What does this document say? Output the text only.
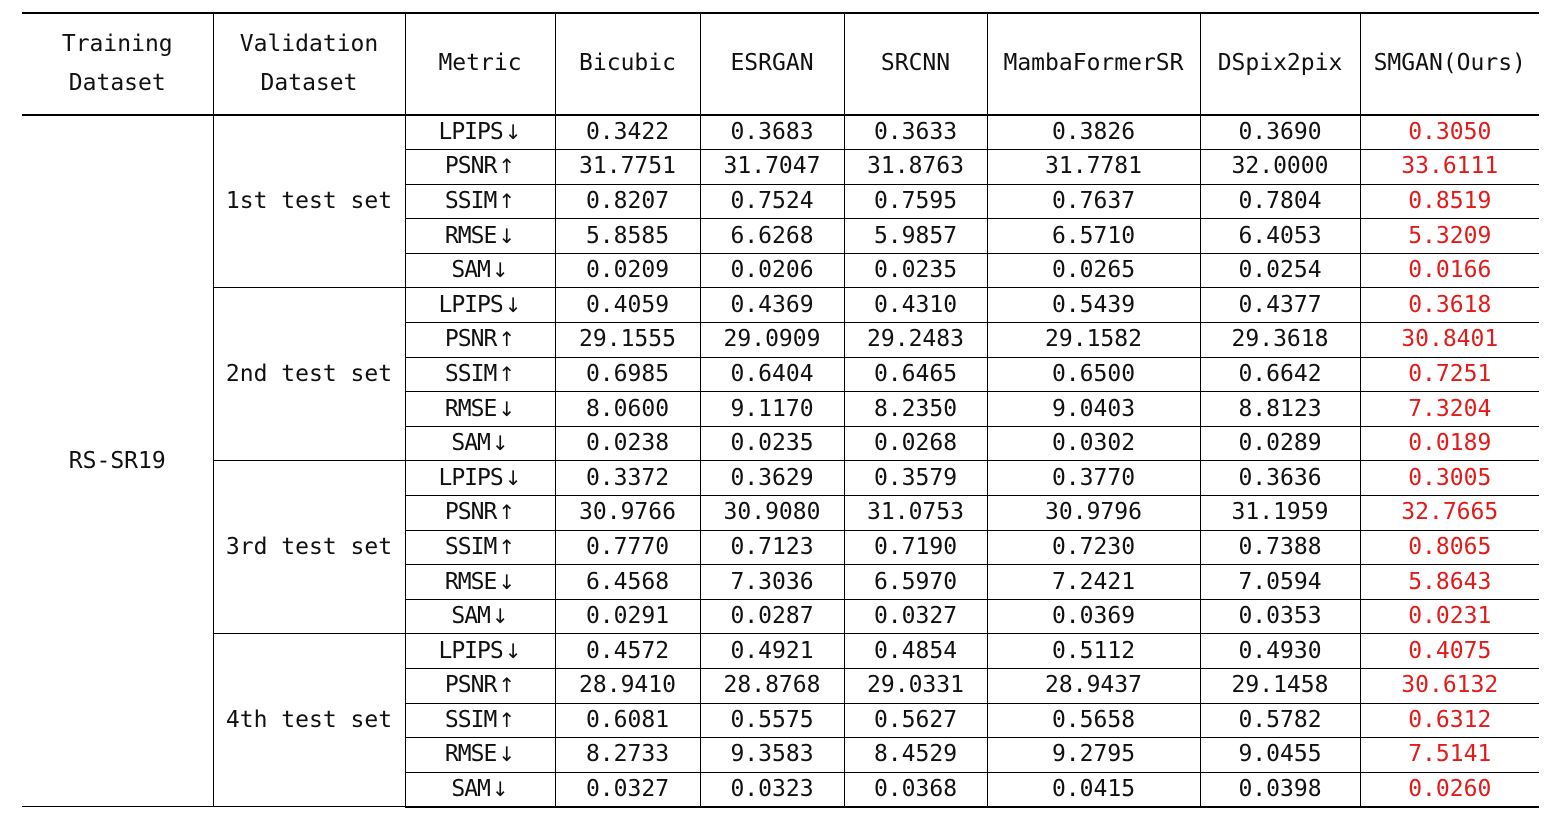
Training
Dataset	Validation
Dataset	Metric	Bicubic	ESRGAN	SRCNN	MambaFormerSR	DSpix2pix	SMGAN(Ours)
RS-SR19	1st test set	LPIPS ↓	0.3422	0.3683	0.3633	0.3826	0.3690	0.3050
		PSNR ↑	31.7751	31.7047	31.8763	31.7781	32.0000	33.6111
		SSIM ↑	0.8207	0.7524	0.7595	0.7637	0.7804	0.8519
		RMSE ↓	5.8585	6.6268	5.9857	6.5710	6.4053	5.3209
		SAM ↓	0.0209	0.0206	0.0235	0.0265	0.0254	0.0166
	2nd test set	LPIPS ↓	0.4059	0.4369	0.4310	0.5439	0.4377	0.3618
		PSNR ↑	29.1555	29.0909	29.2483	29.1582	29.3618	30.8401
		SSIM ↑	0.6985	0.6404	0.6465	0.6500	0.6642	0.7251
		RMSE ↓	8.0600	9.1170	8.2350	9.0403	8.8123	7.3204
		SAM ↓	0.0238	0.0235	0.0268	0.0302	0.0289	0.0189
	3rd test set	LPIPS ↓	0.3372	0.3629	0.3579	0.3770	0.3636	0.3005
		PSNR ↑	30.9766	30.9080	31.0753	30.9796	31.1959	32.7665
		SSIM ↑	0.7770	0.7123	0.7190	0.7230	0.7388	0.8065
		RMSE ↓	6.4568	7.3036	6.5970	7.2421	7.0594	5.8643
		SAM ↓	0.0291	0.0287	0.0327	0.0369	0.0353	0.0231
	4th test set	LPIPS ↓	0.4572	0.4921	0.4854	0.5112	0.4930	0.4075
		PSNR ↑	28.9410	28.8768	29.0331	28.9437	29.1458	30.6132
		SSIM ↑	0.6081	0.5575	0.5627	0.5658	0.5782	0.6312
		RMSE ↓	8.2733	9.3583	8.4529	9.2795	9.0455	7.5141
		SAM ↓	0.0327	0.0323	0.0368	0.0415	0.0398	0.0260
